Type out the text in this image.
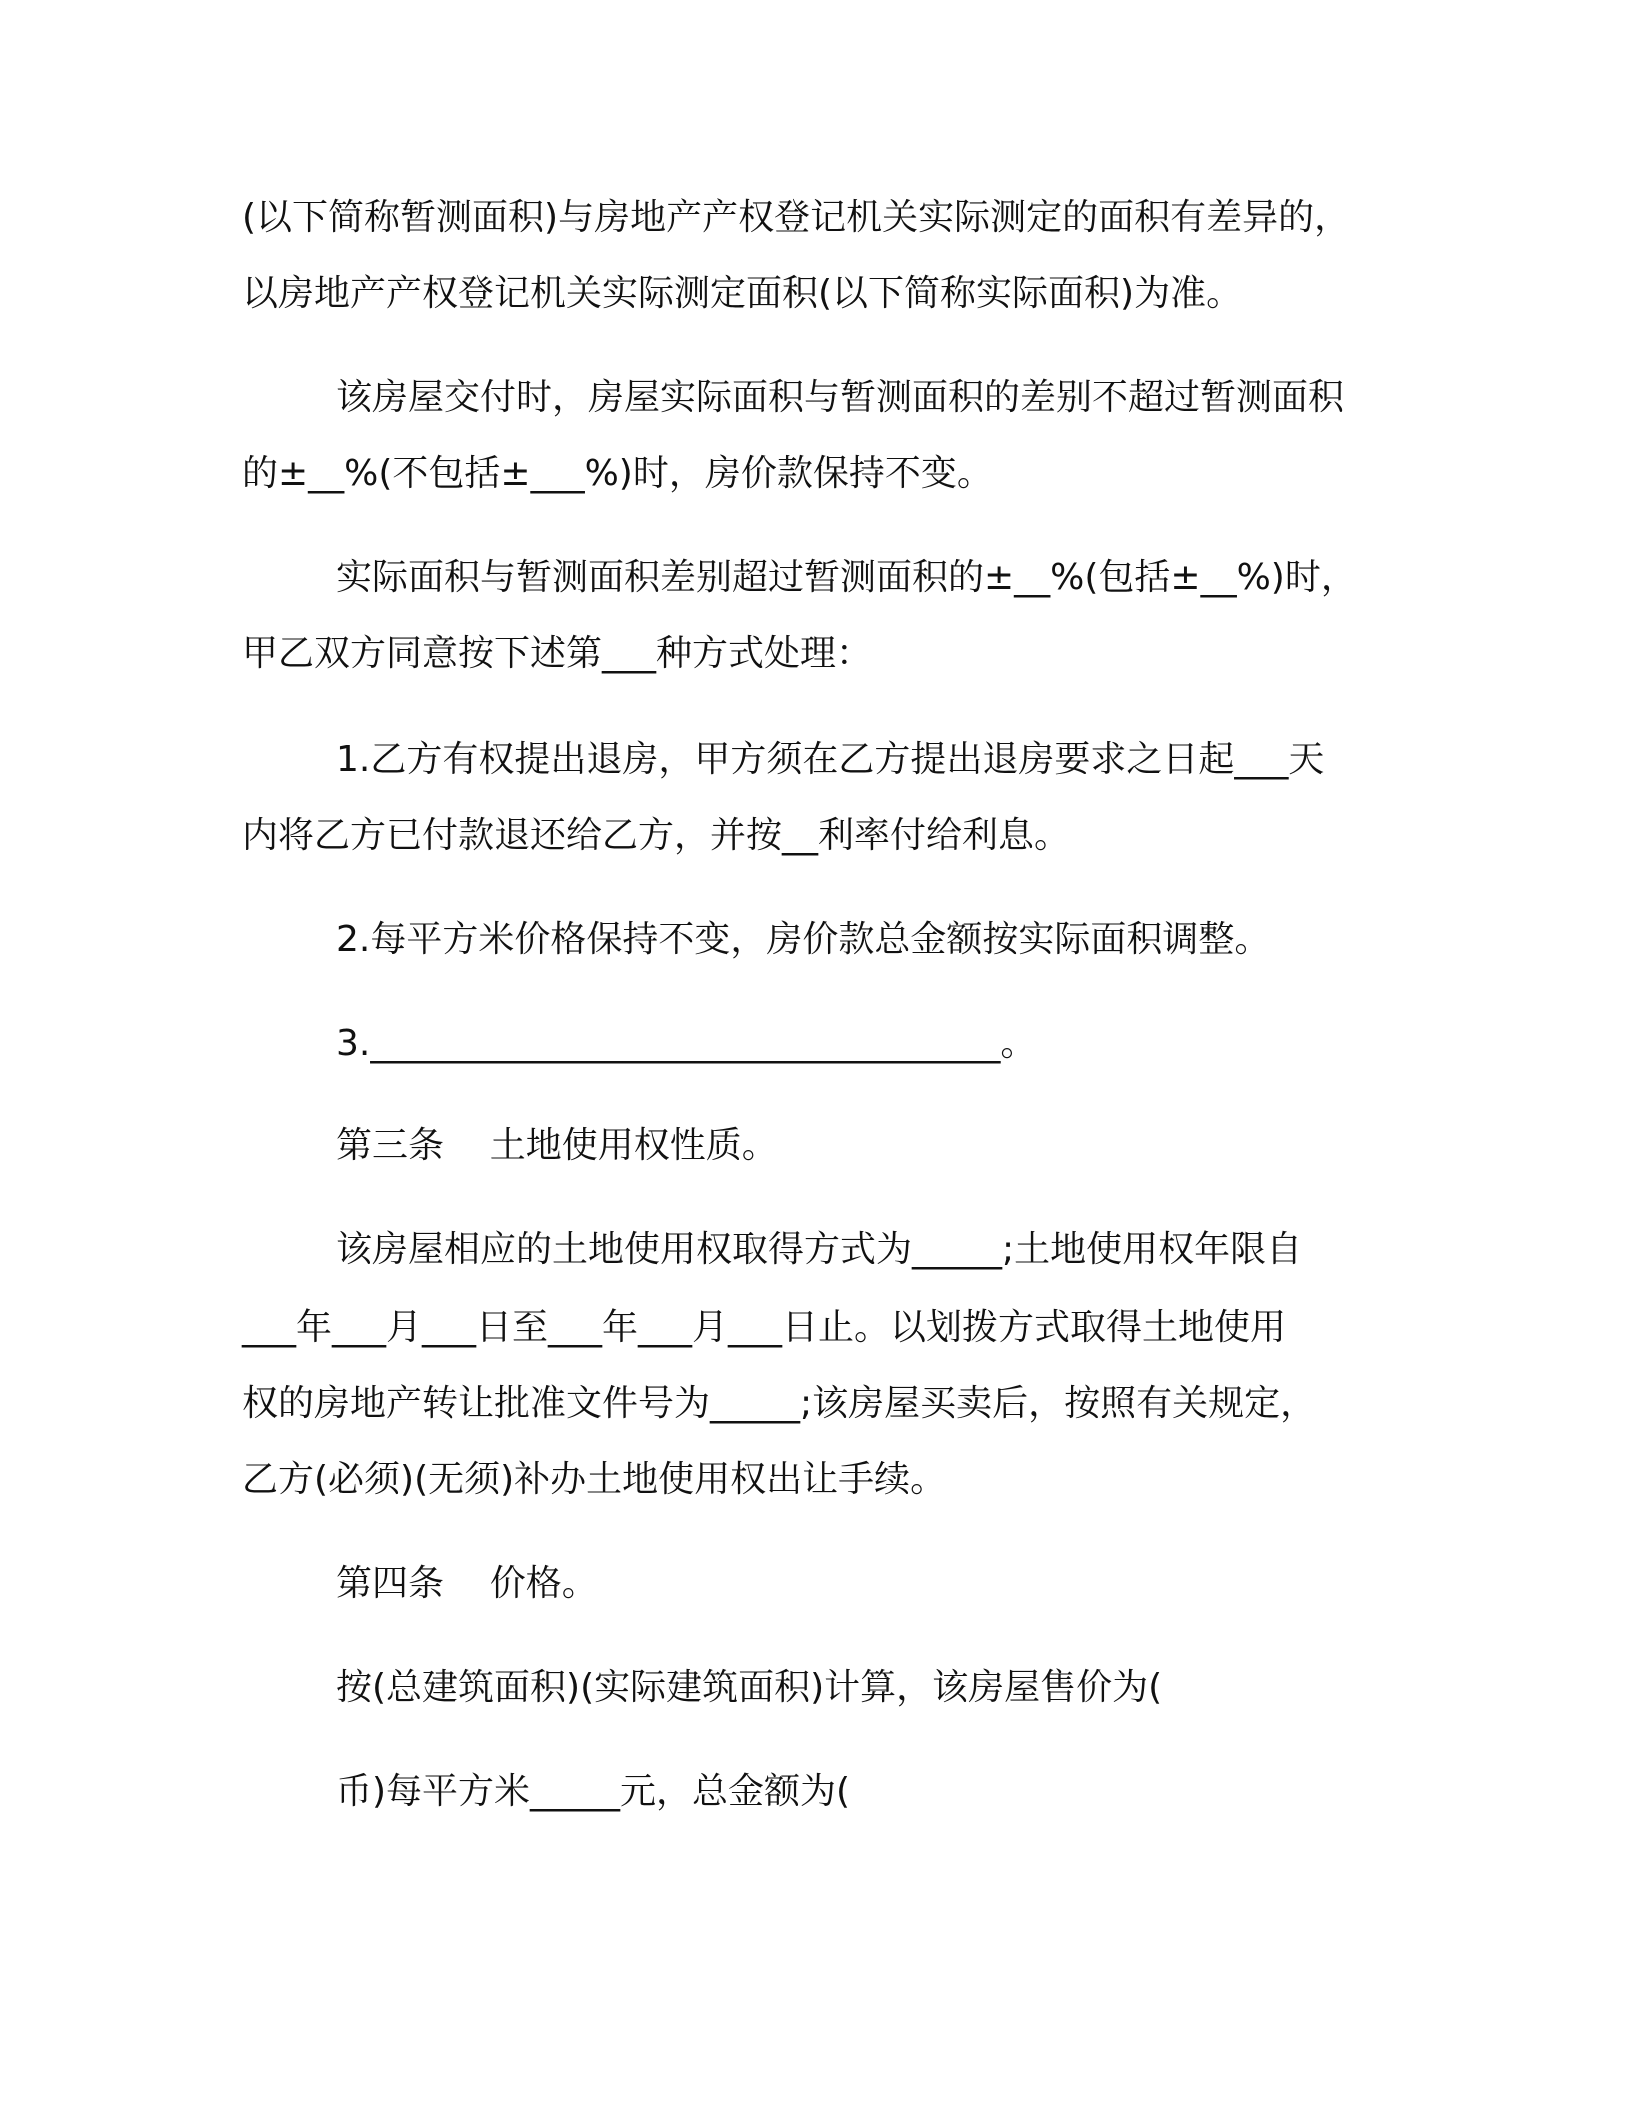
(以下简称暂测面积)与房地产产权登记机关实际测定的面积有差异的，
以房地产产权登记机关实际测定面积(以下简称实际面积)为准。
该房屋交付时，房屋实际面积与暂测面积的差别不超过暂测面积
的±__%(不包括±___%)时，房价款保持不变。
实际面积与暂测面积差别超过暂测面积的±__%(包括±__%)时，
甲乙双方同意按下述第___种方式处理：
1.乙方有权提出退房，甲方须在乙方提出退房要求之日起___天
内将乙方已付款退还给乙方，并按__利率付给利息。
2.每平方米价格保持不变，房价款总金额按实际面积调整。
3.___________________________________。
第三条    土地使用权性质。
该房屋相应的土地使用权取得方式为_____;土地使用权年限自
___年___月___日至___年___月___日止。以划拨方式取得土地使用
权的房地产转让批准文件号为_____;该房屋买卖后，按照有关规定，
乙方(必须)(无须)补办土地使用权出让手续。
第四条    价格。
按(总建筑面积)(实际建筑面积)计算，该房屋售价为(
币)每平方米_____元，总金额为(
